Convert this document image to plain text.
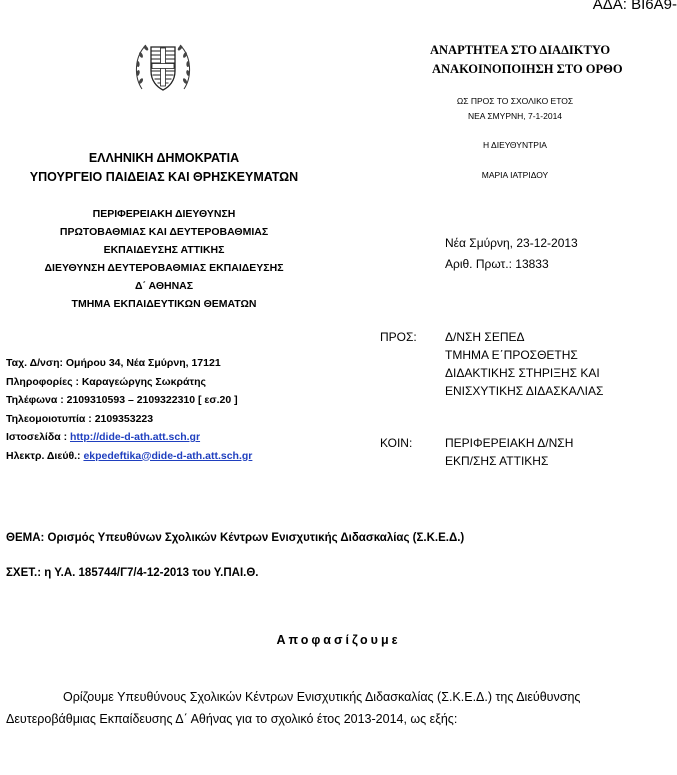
ΑΔΑ: ΒΙ6Α9-
ΑΝΑΡΤΗΤΕΑ ΣΤΟ ΔΙΑΔΙΚΤΥΟ
ΑΝΑΚΟΙΝΟΠΟΙΗΣΗ ΣΤΟ ΟΡΘΟ
ΩΣ ΠΡΟΣ ΤΟ ΣΧΟΛΙΚΟ ΕΤΟΣ
ΝΕΑ ΣΜΥΡΝΗ, 7-1-2014
Η ΔΙΕΥΘΥΝΤΡΙΑ
ΜΑΡΙΑ ΙΑΤΡΙΔΟΥ
ΕΛΛΗΝΙΚΗ ΔΗΜΟΚΡΑΤΙΑ
ΥΠΟΥΡΓΕΙΟ ΠΑΙΔΕΙΑΣ ΚΑΙ ΘΡΗΣΚΕΥΜΑΤΩΝ
ΠΕΡΙΦΕΡΕΙΑΚΗ ΔΙΕΥΘΥΝΣΗ
ΠΡΩΤΟΒΑΘΜΙΑΣ ΚΑΙ ΔΕΥΤΕΡΟΒΑΘΜΙΑΣ
ΕΚΠΑΙΔΕΥΣΗΣ ΑΤΤΙΚΗΣ
ΔΙΕΥΘΥΝΣΗ ΔΕΥΤΕΡΟΒΑΘΜΙΑΣ ΕΚΠΑΙΔΕΥΣΗΣ
Δ΄ ΑΘΗΝΑΣ
ΤΜΗΜΑ ΕΚΠΑΙΔΕΥΤΙΚΩΝ ΘΕΜΑΤΩΝ
Νέα Σμύρνη, 23-12-2013
Αριθ. Πρωτ.: 13833
ΠΡΟΣ: Δ/ΝΣΗ ΣΕΠΕΔ
ΤΜΗΜΑ Ε΄ΠΡΟΣΘΕΤΗΣ
ΔΙΔΑΚΤΙΚΗΣ ΣΤΗΡΙΞΗΣ ΚΑΙ
ΕΝΙΣΧΥΤΙΚΗΣ ΔΙΔΑΣΚΑΛΙΑΣ
ΚΟΙΝ:	ΠΕΡΙΦΕΡΕΙΑΚΗ Δ/ΝΣΗ
ΕΚΠ/ΣΗΣ ΑΤΤΙΚΗΣ
Ταχ. Δ/νση: Ομήρου 34, Νέα Σμύρνη, 17121
Πληροφορίες : Καραγεώργης Σωκράτης
Τηλέφωνα : 2109310593 – 2109322310 [ εσ.20 ]
Τηλεομοιοτυπία : 2109353223
Ιστοσελίδα : http://dide-d-ath.att.sch.gr
Ηλεκτρ. Διεύθ.: ekpedeftika@dide-d-ath.att.sch.gr
ΘΕΜΑ: Ορισμός Υπευθύνων Σχολικών Κέντρων Ενισχυτικής Διδασκαλίας (Σ.Κ.Ε.Δ.)
ΣΧΕΤ.: η Υ.Α. 185744/Γ7/4-12-2013 του Υ.ΠΑΙ.Θ.
Αποφασίζουμε
Ορίζουμε Υπευθύνους Σχολικών Κέντρων Ενισχυτικής Διδασκαλίας (Σ.Κ.Ε.Δ.) της Διεύθυνσης
Δευτεροβάθμιας Εκπαίδευσης Δ΄ Αθήνας για το σχολικό έτος 2013-2014, ως εξής:
